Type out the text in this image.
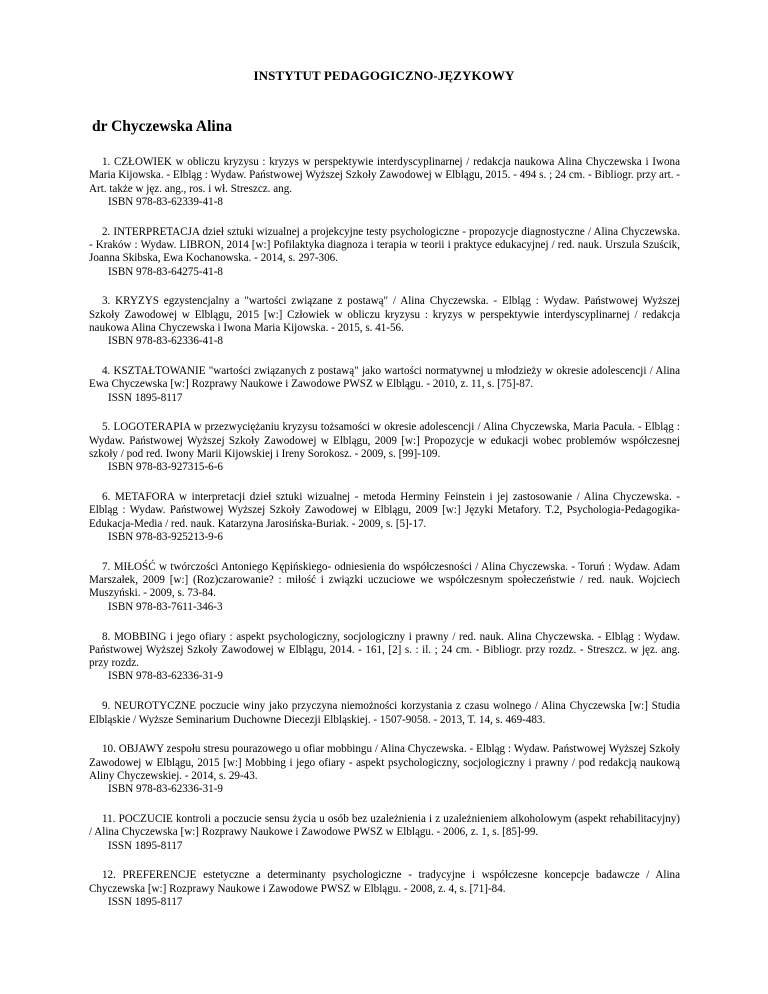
INSTYTUT PEDAGOGICZNO-JĘZYKOWY
dr Chyczewska Alina
1. CZŁOWIEK w obliczu kryzysu : kryzys w perspektywie interdyscyplinarnej / redakcja naukowa Alina Chyczewska i Iwona Maria Kijowska. - Elbląg : Wydaw. Państwowej Wyższej Szkoły Zawodowej w Elblągu, 2015. - 494 s. ; 24 cm. - Bibliogr. przy art. - Art. także w jęz. ang., ros. i wł. Streszcz. ang.
ISBN 978-83-62339-41-8
2. INTERPRETACJA dzieł sztuki wizualnej a projekcyjne testy psychologiczne - propozycje diagnostyczne / Alina Chyczewska. - Kraków : Wydaw. LIBRON, 2014 [w:] Pofilaktyka diagnoza i terapia w teorii i praktyce edukacyjnej / red. nauk. Urszula Szuścik, Joanna Skibska, Ewa Kochanowska. - 2014, s. 297-306.
ISBN 978-83-64275-41-8
3. KRYZYS egzystencjalny a "wartości związane z postawą" / Alina Chyczewska. - Elbląg : Wydaw. Państwowej Wyższej Szkoły Zawodowej w Elblągu, 2015 [w:] Człowiek w obliczu kryzysu : kryzys w perspektywie interdyscyplinarnej / redakcja naukowa Alina Chyczewska i Iwona Maria Kijowska. - 2015, s. 41-56.
ISBN 978-83-62336-41-8
4. KSZTAŁTOWANIE "wartości związanych z postawą" jako wartości normatywnej u młodzieży w okresie adolescencji / Alina Ewa Chyczewska [w:] Rozprawy Naukowe i Zawodowe PWSZ w Elblągu. - 2010, z. 11, s. [75]-87.
ISSN 1895-8117
5. LOGOTERAPIA w przezwyciężaniu kryzysu tożsamości w okresie adolescencji / Alina Chyczewska, Maria Pacuła. - Elbląg : Wydaw. Państwowej Wyższej Szkoły Zawodowej w Elblągu, 2009 [w:] Propozycje w edukacji wobec problemów współczesnej szkoły / pod red. Iwony Marii Kijowskiej i Ireny Sorokosz. - 2009, s. [99]-109.
ISBN 978-83-927315-6-6
6. METAFORA w interpretacji dzieł sztuki wizualnej - metoda Herminy Feinstein i jej zastosowanie / Alina Chyczewska. - Elbląg : Wydaw. Państwowej Wyższej Szkoły Zawodowej w Elblągu, 2009 [w:] Języki Metafory. T.2, Psychologia-Pedagogika-Edukacja-Media / red. nauk. Katarzyna Jarosińska-Buriak. - 2009, s. [5]-17.
ISBN 978-83-925213-9-6
7. MIŁOŚĆ w twórczości Antoniego Kępińskiego- odniesienia do współczesności / Alina Chyczewska. - Toruń : Wydaw. Adam Marszałek, 2009 [w:] (Roz)czarowanie? : miłość i związki uczuciowe we współczesnym społeczeństwie / red. nauk. Wojciech Muszyński. - 2009, s. 73-84.
ISBN 978-83-7611-346-3
8. MOBBING i jego ofiary : aspekt psychologiczny, socjologiczny i prawny / red. nauk. Alina Chyczewska. - Elbląg : Wydaw. Państwowej Wyższej Szkoły Zawodowej w Elblągu, 2014. - 161, [2] s. : il. ; 24 cm. - Bibliogr. przy rozdz. - Streszcz. w jęz. ang. przy rozdz.
ISBN 978-83-62336-31-9
9. NEUROTYCZNE poczucie winy jako przyczyna niemożności korzystania z czasu wolnego / Alina Chyczewska [w:] Studia Elbląskie / Wyższe Seminarium Duchowne Diecezji Elbląskiej. - 1507-9058. - 2013, T. 14, s. 469-483.
10. OBJAWY zespołu stresu pourazowego u ofiar mobbingu / Alina Chyczewska. - Elbląg : Wydaw. Państwowej Wyższej Szkoły Zawodowej w Elblągu, 2015 [w:] Mobbing i jego ofiary - aspekt psychologiczny, socjologiczny i prawny / pod redakcją naukową Aliny Chyczewskiej. - 2014, s. 29-43.
ISBN 978-83-62336-31-9
11. POCZUCIE kontroli a poczucie sensu życia u osób bez uzależnienia i z uzależnieniem alkoholowym (aspekt rehabilitacyjny) / Alina Chyczewska [w:] Rozprawy Naukowe i Zawodowe PWSZ w Elblągu. - 2006, z. 1, s. [85]-99.
ISSN 1895-8117
12. PREFERENCJE estetyczne a determinanty psychologiczne - tradycyjne i współczesne koncepcje badawcze / Alina Chyczewska [w:] Rozprawy Naukowe i Zawodowe PWSZ w Elblągu. - 2008, z. 4, s. [71]-84.
ISSN 1895-8117
